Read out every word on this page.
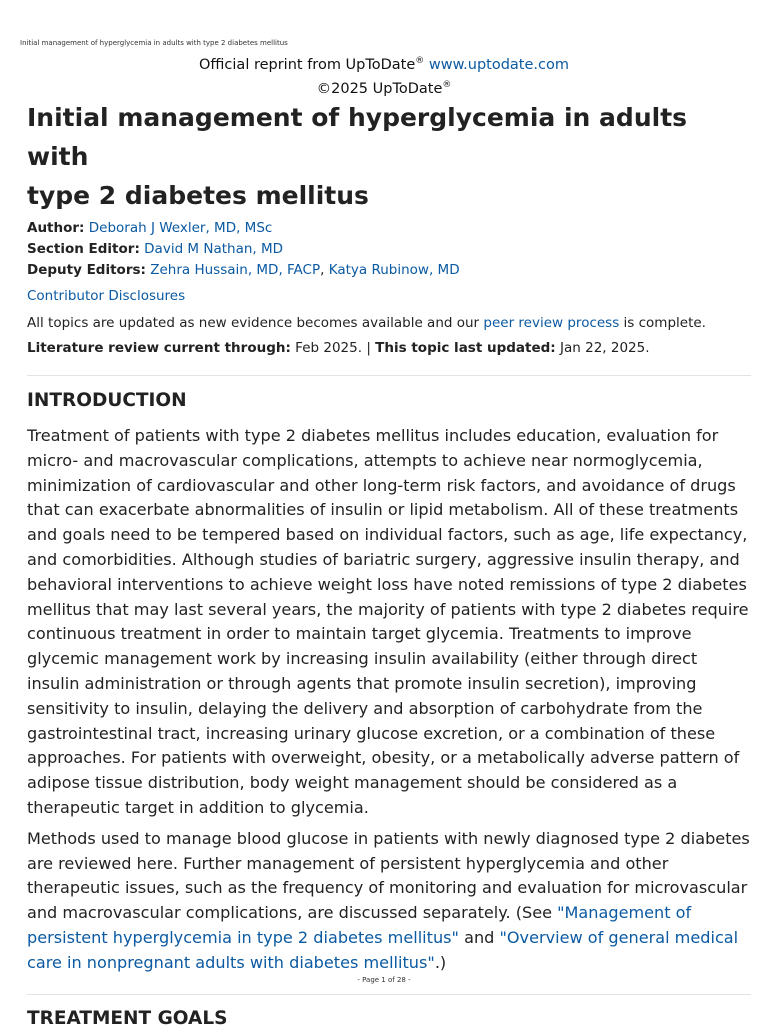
Initial management of hyperglycemia in adults with type 2 diabetes mellitus
Official reprint from UpToDate® www.uptodate.com
©2025 UpToDate®
Initial management of hyperglycemia in adults with
type 2 diabetes mellitus
Author: Deborah J Wexler, MD, MSc
Section Editor: David M Nathan, MD
Deputy Editors: Zehra Hussain, MD, FACP, Katya Rubinow, MD
Contributor Disclosures
All topics are updated as new evidence becomes available and our peer review process is complete.
Literature review current through: Feb 2025. | This topic last updated: Jan 22, 2025.
INTRODUCTION

Treatment of patients with type 2 diabetes mellitus includes education, evaluation for micro- and macrovascular complications, attempts to achieve near normoglycemia, minimization of cardiovascular and other long-term risk factors, and avoidance of drugs that can exacerbate abnormalities of insulin or lipid metabolism. All of these treatments and goals need to be tempered based on individual factors, such as age, life expectancy, and comorbidities. Although studies of bariatric surgery, aggressive insulin therapy, and behavioral interventions to achieve weight loss have noted remissions of type 2 diabetes mellitus that may last several years, the majority of patients with type 2 diabetes require continuous treatment in order to maintain target glycemia. Treatments to improve glycemic management work by increasing insulin availability (either through direct insulin administration or through agents that promote insulin secretion), improving sensitivity to insulin, delaying the delivery and absorption of carbohydrate from the gastrointestinal tract, increasing urinary glucose excretion, or a combination of these approaches. For patients with overweight, obesity, or a metabolically adverse pattern of adipose tissue distribution, body weight management should be considered as a therapeutic target in addition to glycemia.

Methods used to manage blood glucose in patients with newly diagnosed type 2 diabetes are reviewed here. Further management of persistent hyperglycemia and other therapeutic issues, such as the frequency of monitoring and evaluation for microvascular and macrovascular complications, are discussed separately. (See "Management of persistent hyperglycemia in type 2 diabetes mellitus" and "Overview of general medical care in nonpregnant adults with diabetes mellitus".)

TREATMENT GOALS
- Page 1 of 28 -
